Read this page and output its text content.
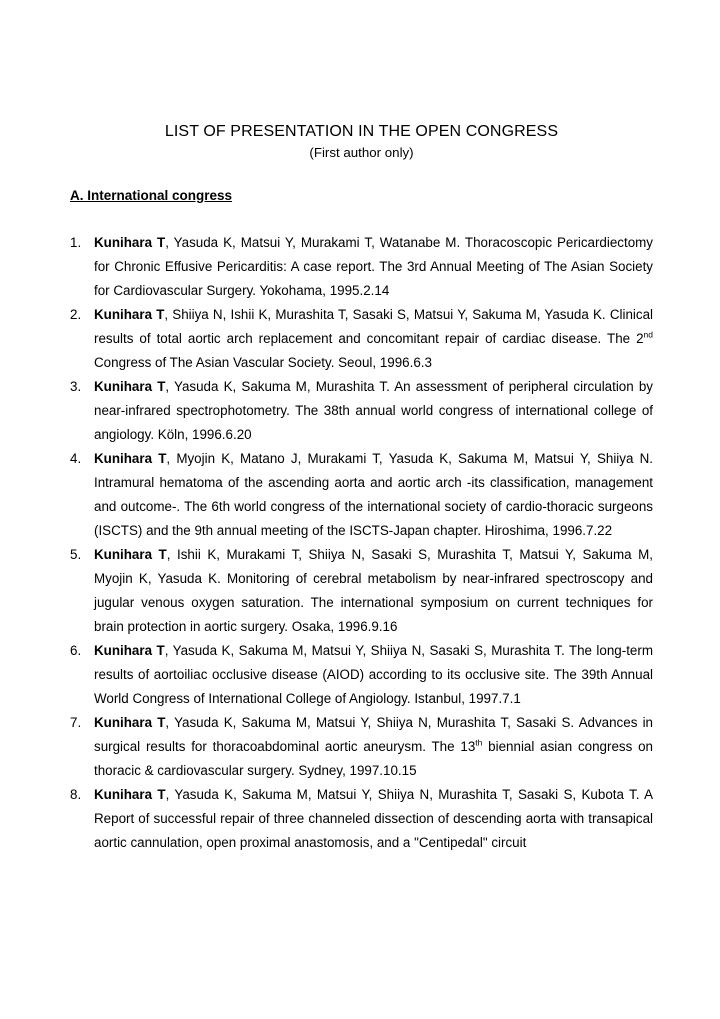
LIST OF PRESENTATION IN THE OPEN CONGRESS

(First author only)

A. International congress
1. Kunihara T, Yasuda K, Matsui Y, Murakami T, Watanabe M. Thoracoscopic Pericardiectomy for Chronic Effusive Pericarditis: A case report. The 3rd Annual Meeting of The Asian Society for Cardiovascular Surgery. Yokohama, 1995.2.14
2. Kunihara T, Shiiya N, Ishii K, Murashita T, Sasaki S, Matsui Y, Sakuma M, Yasuda K. Clinical results of total aortic arch replacement and concomitant repair of cardiac disease. The 2nd Congress of The Asian Vascular Society. Seoul, 1996.6.3
3. Kunihara T, Yasuda K, Sakuma M, Murashita T. An assessment of peripheral circulation by near-infrared spectrophotometry. The 38th annual world congress of international college of angiology. Köln, 1996.6.20
4. Kunihara T, Myojin K, Matano J, Murakami T, Yasuda K, Sakuma M, Matsui Y, Shiiya N. Intramural hematoma of the ascending aorta and aortic arch -its classification, management and outcome-. The 6th world congress of the international society of cardio-thoracic surgeons (ISCTS) and the 9th annual meeting of the ISCTS-Japan chapter. Hiroshima, 1996.7.22
5. Kunihara T, Ishii K, Murakami T, Shiiya N, Sasaki S, Murashita T, Matsui Y, Sakuma M, Myojin K, Yasuda K. Monitoring of cerebral metabolism by near-infrared spectroscopy and jugular venous oxygen saturation. The international symposium on current techniques for brain protection in aortic surgery. Osaka, 1996.9.16
6. Kunihara T, Yasuda K, Sakuma M, Matsui Y, Shiiya N, Sasaki S, Murashita T. The long-term results of aortoiliac occlusive disease (AIOD) according to its occlusive site. The 39th Annual World Congress of International College of Angiology. Istanbul, 1997.7.1
7. Kunihara T, Yasuda K, Sakuma M, Matsui Y, Shiiya N, Murashita T, Sasaki S. Advances in surgical results for thoracoabdominal aortic aneurysm. The 13th biennial asian congress on thoracic & cardiovascular surgery. Sydney, 1997.10.15
8. Kunihara T, Yasuda K, Sakuma M, Matsui Y, Shiiya N, Murashita T, Sasaki S, Kubota T. A Report of successful repair of three channeled dissection of descending aorta with transapical aortic cannulation, open proximal anastomosis, and a "Centipedal" circuit
